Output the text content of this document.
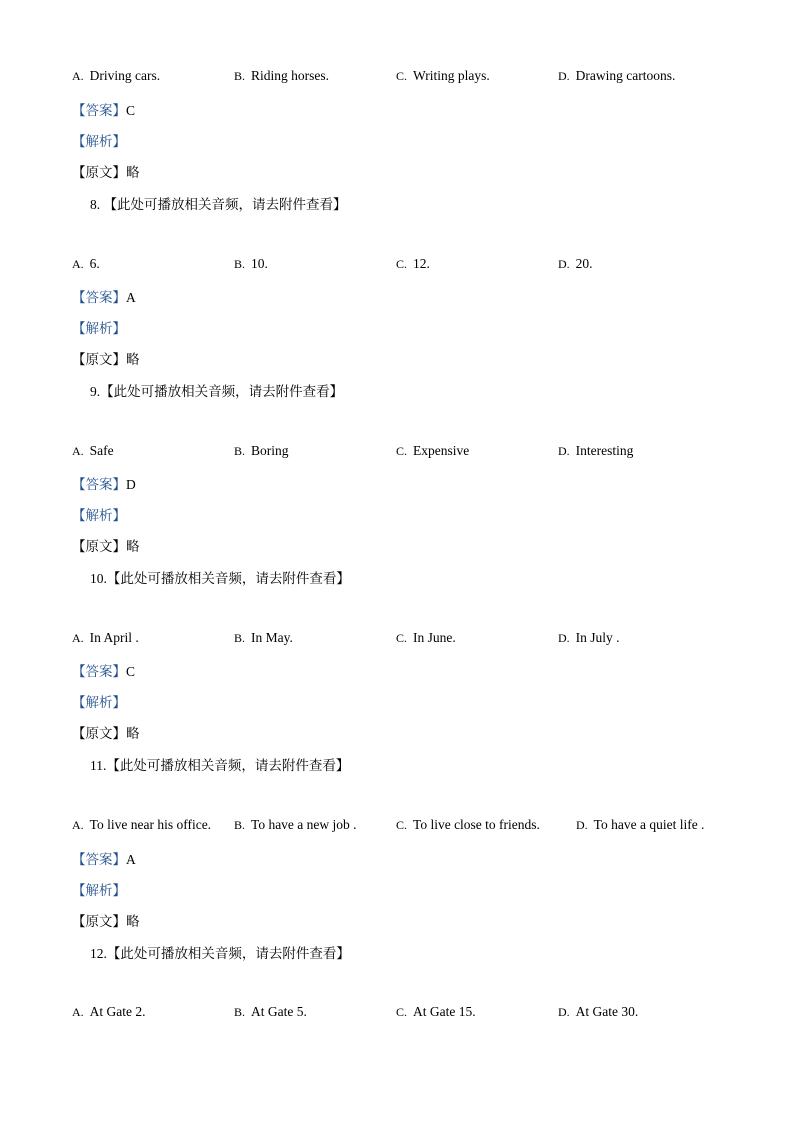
A. Driving cars.	B. Riding horses.	C. Writing plays.	D. Drawing cartoons.
【答案】C
【解析】
【原文】略
8. 【此处可播放相关音频，请去附件查看】
A. 6.	B. 10.	C. 12.	D. 20.
【答案】A
【解析】
【原文】略
9.【此处可播放相关音频，请去附件查看】
A. Safe	B. Boring	C. Expensive	D. Interesting
【答案】D
【解析】
【原文】略
10.【此处可播放相关音频，请去附件查看】
A. In April .	B. In May.	C. In June.	D. In July .
【答案】C
【解析】
【原文】略
11.【此处可播放相关音频，请去附件查看】
A. To live near his office. B. To have a new job .	C. To live close to friends.	D. To have a quiet life .
【答案】A
【解析】
【原文】略
12.【此处可播放相关音频，请去附件查看】
A. At Gate 2.	B. At Gate 5.	C. At Gate 15.	D. At Gate 30.
